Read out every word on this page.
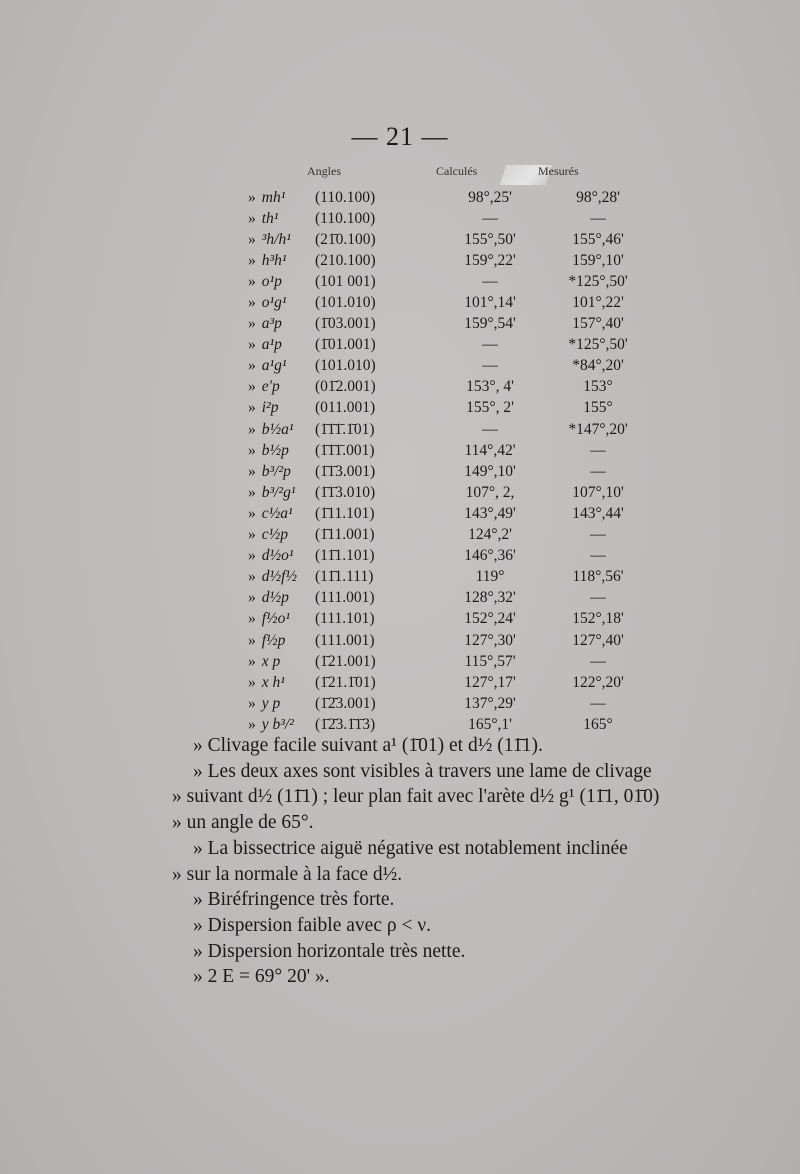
— 21 —
Angles	Calculés	Mesurés
» mh¹	(110.100)	98°,25'	98°,28'
» th¹	(110.100)	—	—
» ³h/h¹	(21̄0.100)	155°,50'	155°,46'
» h³h¹	(210.100)	159°,22'	159°,10'
» o¹p	(101 001)	—	*125°,50'
» o¹g¹	(101.010)	101°,14'	101°,22'
» a³p	(1̄03.001)	159°,54'	157°,40'
» a¹p	(1̄01.001)	—	*125°,50'
» a¹g¹	(101.010)	—	*84°,20'
» e'p	(01̄2.001)	153°, 4'	153°
» i²p	(011.001)	155°, 2'	155°
» b½a¹	(1̄1̄1̄.1̄01)	—	*147°,20'
» b½p	(1̄1̄1̄.001)	114°,42'	—
» b³/²p	(1̄1̄3.001)	149°,10'	—
» b³/²g¹	(1̄1̄3.010)	107°, 2,	107°,10'
» c½a¹	(1̄11.101)	143°,49'	143°,44'
» c½p	(1̄11.001)	124°,2'	—
» d½o¹	(11̄1.101)	146°,36'	—
» d½f½	(11̄1.111)	119°	118°,56'
» d½p	(111.001)	128°,32'	—
» f½o¹	(111.101)	152°,24'	152°,18'
» f½p	(111.001)	127°,30'	127°,40'
» x p	(1̄21.001)	115°,57'	—
» x h¹	(1̄21.1̄01)	127°,17'	122°,20'
» y p	(1̄2̄3.001)	137°,29'	—
» y b³/²	(1̄2̄3.1̄1̄3)	165°,1'	165°

» Clivage facile suivant a¹ (1̄01) et d½ (11̄1).

» Les deux axes sont visibles à travers une lame de clivage

» suivant d½ (11̄1) ; leur plan fait avec l'arète d½ g¹ (11̄1, 01̄0)

» un angle de 65°.

» La bissectrice aiguë négative est notablement inclinée

» sur la normale à la face d½.

» Biréfringence très forte.

» Dispersion faible avec ρ < ν.

» Dispersion horizontale très nette.

» 2 E = 69° 20' ».
